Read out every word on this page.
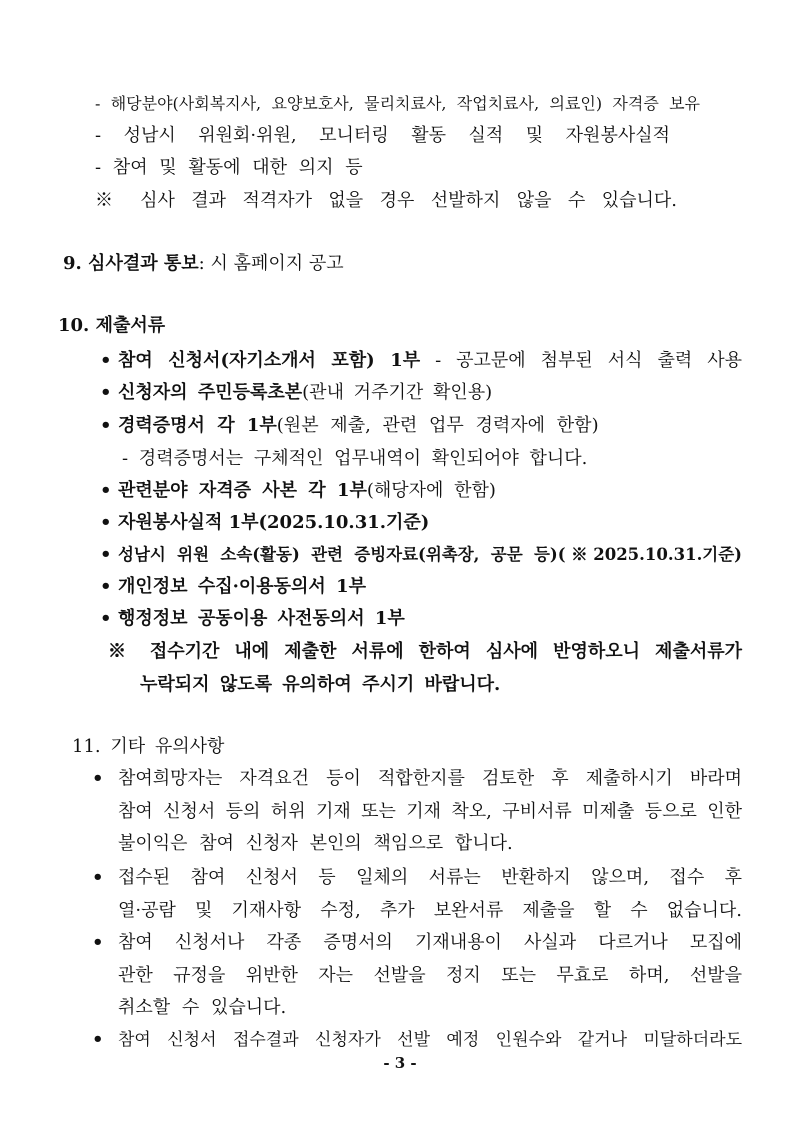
- 해당분야(사회복지사, 요양보호사, 물리치료사, 작업치료사, 의료인) 자격증 보유
- 성남시 위원회·위원, 모니터링 활동 실적 및 자원봉사실적
- 참여 및 활동에 대한 의지 등
※ 심사 결과 적격자가 없을 경우 선발하지 않을 수 있습니다.
9. 심사결과 통보: 시 홈페이지 공고
10. 제출서류
• 참여 신청서(자기소개서 포함) 1부 - 공고문에 첨부된 서식 출력 사용
• 신청자의 주민등록초본(관내 거주기간 확인용)
• 경력증명서 각 1부(원본 제출, 관련 업무 경력자에 한함)
- 경력증명서는 구체적인 업무내역이 확인되어야 합니다.
• 관련분야 자격증 사본 각 1부(해당자에 한함)
• 자원봉사실적 1부(2025.10.31.기준)
• 성남시 위원 소속(활동) 관련 증빙자료(위촉장, 공문 등)(※2025.10.31.기준)
• 개인정보 수집·이용동의서 1부
• 행정정보 공동이용 사전동의서 1부
※ 접수기간 내에 제출한 서류에 한하여 심사에 반영하오니 제출서류가
누락되지 않도록 유의하여 주시기 바랍니다.
11. 기타 유의사항
• 참여희망자는 자격요건 등이 적합한지를 검토한 후 제출하시기 바라며
참여 신청서 등의 허위 기재 또는 기재 착오, 구비서류 미제출 등으로 인한
불이익은 참여 신청자 본인의 책임으로 합니다.
• 접수된 참여 신청서 등 일체의 서류는 반환하지 않으며, 접수 후
열·공람 및 기재사항 수정, 추가 보완서류 제출을 할 수 없습니다.
• 참여 신청서나 각종 증명서의 기재내용이 사실과 다르거나 모집에
관한 규정을 위반한 자는 선발을 정지 또는 무효로 하며, 선발을
취소할 수 있습니다.
• 참여 신청서 접수결과 신청자가 선발 예정 인원수와 같거나 미달하더라도
- 3 -
